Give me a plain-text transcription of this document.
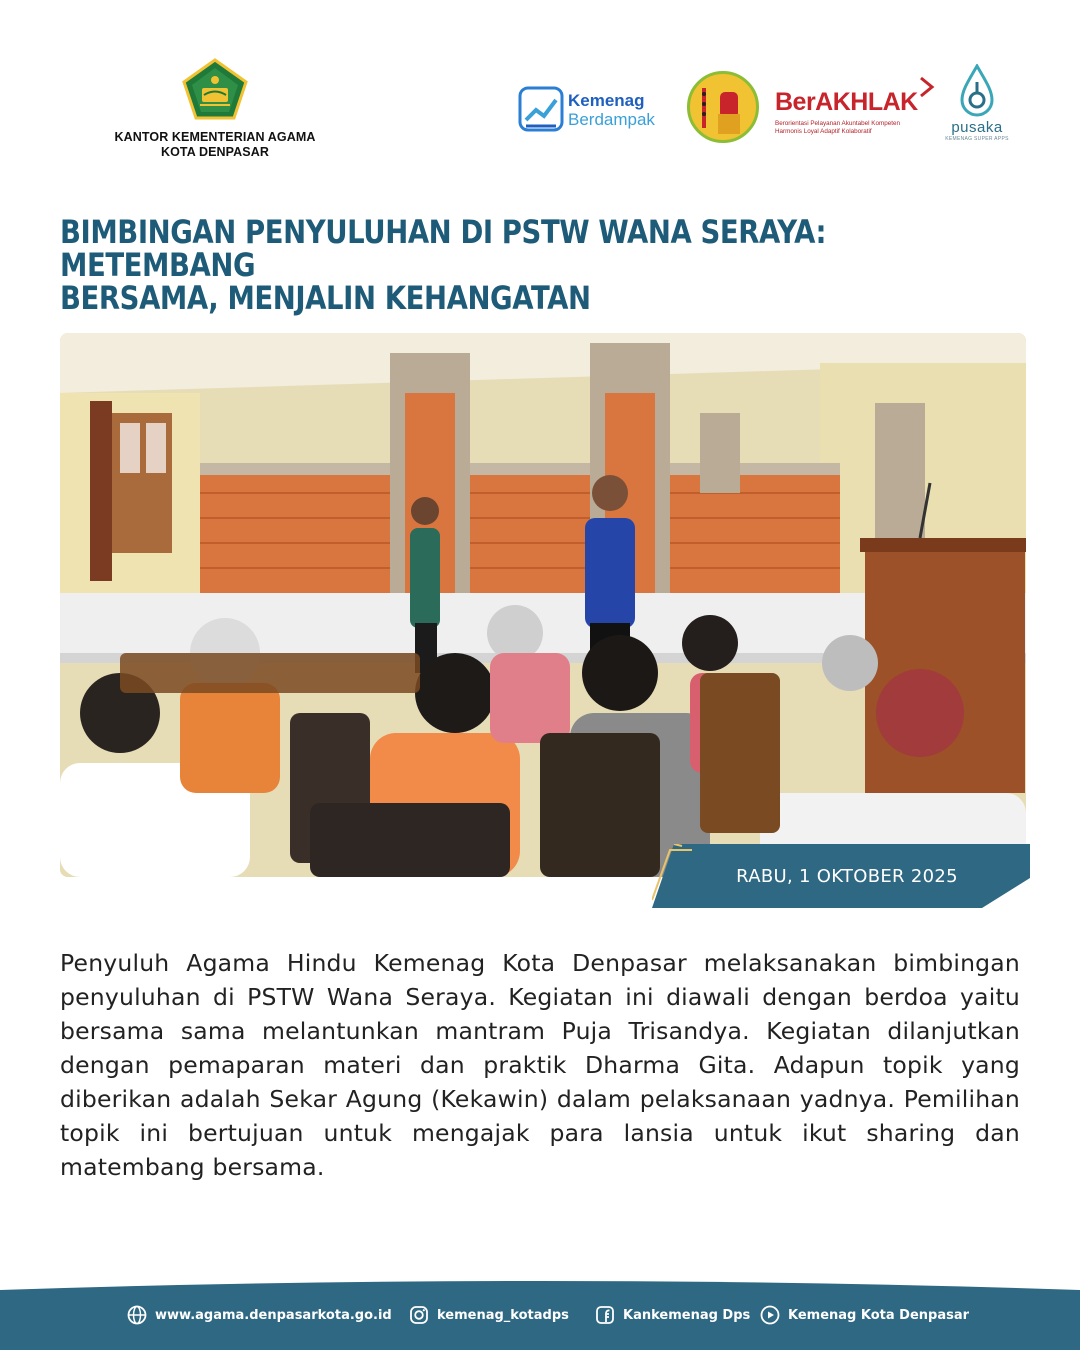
KANTOR KEMENTERIAN AGAMA
KOTA DENPASAR
Kemenag
Berdampak
BerAKHLAK
Berorientasi Pelayanan Akuntabel Kompeten
Harmonis Loyal Adaptif Kolaboratif	pusaka
KEMENAG SUPER APPS
BIMBINGAN PENYULUHAN DI PSTW WANA SERAYA: METEMBANG
BERSAMA, MENJALIN KEHANGATAN
RABU, 1 OKTOBER 2025

Penyuluh Agama Hindu Kemenag Kota Denpasar melaksanakan bimbingan penyuluhan di PSTW Wana Seraya. Kegiatan ini diawali dengan berdoa yaitu bersama sama melantunkan mantram Puja Trisandya. Kegiatan dilanjutkan dengan pemaparan materi dan praktik Dharma Gita. Adapun topik yang diberikan adalah Sekar Agung (Kekawin) dalam pelaksanaan yadnya. Pemilihan topik ini bertujuan untuk mengajak para lansia untuk ikut sharing dan matembang bersama.

www.agama.denpasarkota.go.id	kemenag_kotadps	Kankemenag Dps	Kemenag Kota Denpasar
